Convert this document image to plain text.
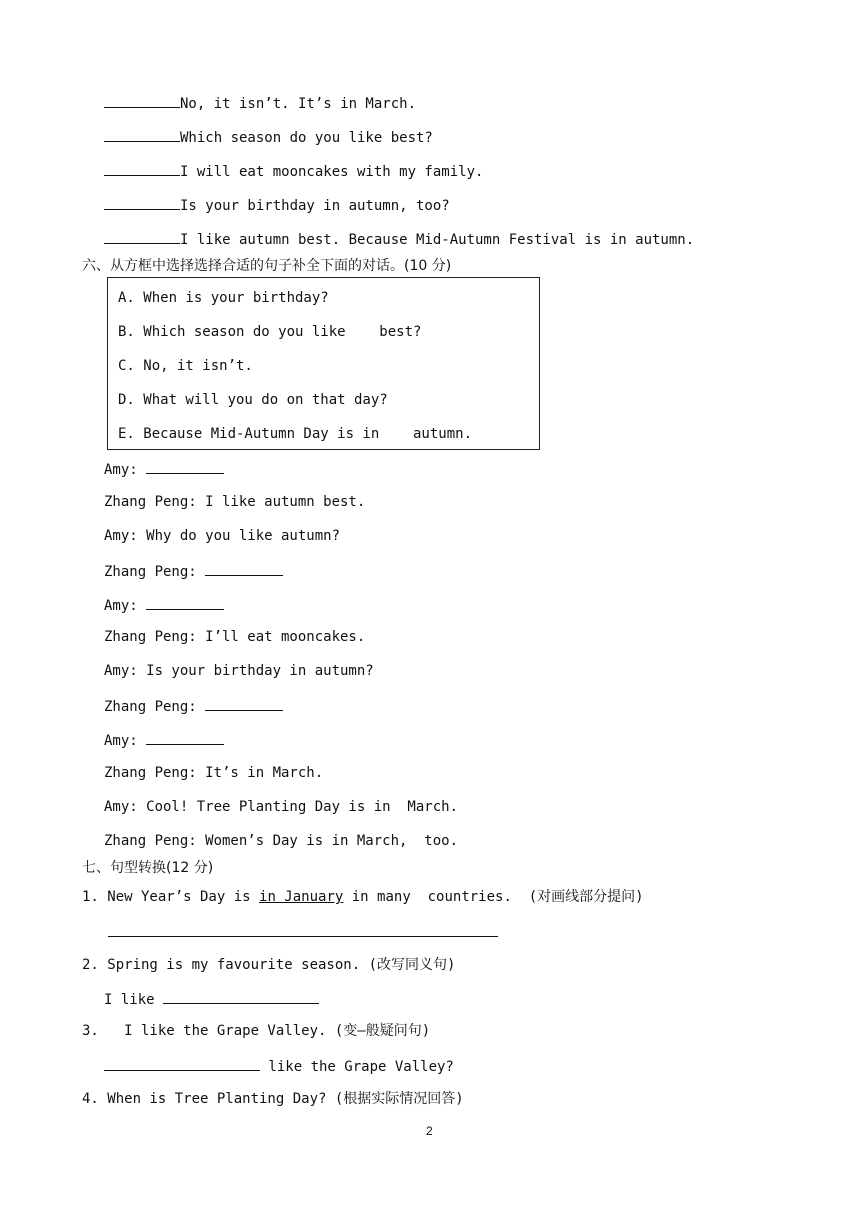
No, it isn’t. It’s in March.
Which season do you like best?
I will eat mooncakes with my family.
Is your birthday in autumn, too?
I like autumn best. Because Mid-Autumn Festival is in autumn.
六、从方框中选择选择合适的句子补全下面的对话。(10 分)
A. When is your birthday?
B. Which season do you like    best?
C. No, it isn’t.
D. What will you do on that day?
E. Because Mid-Autumn Day is in    autumn.
Amy:
Zhang Peng: I like autumn best.
Amy: Why do you like autumn?
Zhang Peng:
Amy:
Zhang Peng: I’ll eat mooncakes.
Amy: Is your birthday in autumn?
Zhang Peng:
Amy:
Zhang Peng: It’s in March.
Amy: Cool! Tree Planting Day is in  March.
Zhang Peng: Women’s Day is in March,  too.
七、句型转换(12 分)
1. New Year’s Day is in January in many  countries.  (对画线部分提问)
2. Spring is my favourite season. (改写同义句)
I like
3.   I like the Grape Valley. (变—般疑问句)
like the Grape Valley?
4. When is Tree Planting Day? (根据实际情况回答)
2
